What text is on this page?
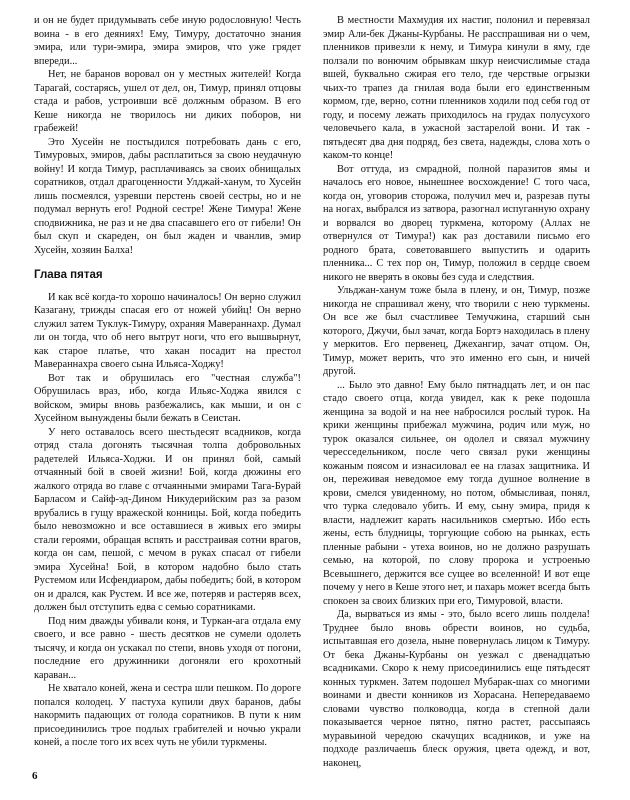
и он не будет придумывать себе иную родословную! Честь воина - в его деяниях! Ему, Тимуру, достаточно знания эмира, или тури-эмира, эмира эмиров, что уже грядет впереди...

Нет, не баранов воровал он у местных жителей! Когда Тарагай, состарясь, ушел от дел, он, Тимур, принял отцовы стада и рабов, устроивши всё должным образом. В его Кеше никогда не творилось ни диких поборов, ни грабежей!

Это Хусейн не постыдился потребовать дань с его, Тимуровых, эмиров, дабы расплатиться за свою неудачную войну! И когда Тимур, расплачиваясь за своих обнищалых соратников, отдал драгоценности Улджай-ханум, то Хусейн лишь посмеялся, узревши перстень своей сестры, но и не подумал вернуть его! Родной сестре! Жене Тимура! Жене сподвижника, не раз и не два спасавшего его от гибели! Он был скуп и скареден, он был жаден и чванлив, эмир Хусейн, хозяин Балха!

Глава пятая

И как всё когда-то хорошо начиналось! Он верно служил Казагану, трижды спасая его от ножей убийц! Он верно служил затем Туклук-Тимуру, охраняя Мавераннахр. Думал ли он тогда, что об него вытрут ноги, что его вышвырнут, как старое платье, что хакан посадит на престол Мавераннахра своего сына Ильяса-Ходжу!

Вот так и обрушилась его "честная служба"! Обрушилась враз, ибо, когда Ильяс-Ходжа явился с войском, эмиры вновь разбежались, как мыши, и он с Хусейном вынуждены были бежать в Сеистан.

У него оставалось всего шестьдесят всадников, когда отряд стала догонять тысячная толпа добровольных радетелей Ильяса-Ходжи. И он принял бой, самый отчаянный бой в своей жизни! Бой, когда дюжины его жалкого отряда во главе с отчаянными эмирами Тага-Бурай Барласом и Сайф-эд-Дином Никудерийским раз за разом врубались в гущу вражеской конницы. Бой, когда победить было невозможно и все оставшиеся в живых его эмиры стали героями, обращая вспять и расстраивая сотни врагов, когда он сам, пешой, с мечом в руках спасал от гибели эмира Хусейна! Бой, в котором надобно было стать Рустемом или Исфендиаром, дабы победить; бой, в котором он и дрался, как Рустем. И все же, потеряв и растеряв всех, должен был отступить едва с семью соратниками.

Под ним дважды убивали коня, и Туркан-ага отдала ему своего, и все равно - шесть десятков не сумели одолеть тысячу, и когда он ускакал по степи, вновь уходя от погони, последние его дружинники догоняли его крохотный караван...

Не хватало коней, жена и сестра шли пешком. По дороге попался колодец. У пастуха купили двух баранов, дабы накормить падающих от голода соратников. В пути к ним присоединились трое подлых грабителей и ночью украли коней, а после того их всех чуть не убили туркмены.

В местности Махмудия их настиг, полонил и перевязал эмир Али-бек Джаны-Курбаны. Не расспрашивая ни о чем, пленников привезли к нему, и Тимура кинули в яму, где ползали по вонючим обрывкам шкур неисчислимые стада вшей, буквально сжирая его тело, где черствые огрызки чьих-то трапез да гнилая вода были его единственным кормом, где, верно, сотни пленников ходили под себя год от году, и посему лежать приходилось на грудах полусухого человечьего кала, в ужасной застарелой вони. И так - пятьдесят два дня подряд, без света, надежды, слова хоть о каком-то конце!

Вот оттуда, из смрадной, полной паразитов ямы и началось его новое, нынешнее восхождение! С того часа, когда он, уговорив сторожа, получил меч и, разрезав путы на ногах, выбрался из затвора, разогнал испуганную охрану и ворвался во дворец туркмена, которому (Аллах не отвернулся от Тимура!) как раз доставили письмо его родного брата, советовавшего выпустить и одарить пленника... С тех пор он, Тимур, положил в сердце своем никого не вверять в оковы без суда и следствия.

Ульджан-ханум тоже была в плену, и он, Тимур, позже никогда не спрашивал жену, что творили с нею туркмены. Он все же был счастливее Темучжина, старший сын которого, Джучи, был зачат, когда Бортэ находилась в плену у меркитов. Его первенец, Джехангир, зачат отцом. Он, Тимур, может верить, что это именно его сын, и ничей другой.

... Было это давно! Ему было пятнадцать лет, и он пас стадо своего отца, когда увидел, как к реке подошла женщина за водой и на нее набросился рослый турок. На крики женщины прибежал мужчина, родич или муж, но турок оказался сильнее, он одолел и связал мужчину чересседельником, после чего связал руки женщины кожаным поясом и изнасиловал ее на глазах защитника. И он, переживая неведомое ему тогда душное волнение в крови, смелся увиденному, но потом, обмысливая, понял, что турка следовало убить. И ему, сыну эмира, придя к власти, надлежит карать насильников смертью. Ибо есть жены, есть блудницы, торгующие собою на рынках, есть пленные рабыни - утеха воинов, но не должно разрушать семью, на которой, по слову пророка и устроенью Всевышнего, держится все сущее во вселенной! И вот еще почему у него в Кеше этого нет, и пахарь может всегда быть спокоен за своих близких при его, Тимуровой, власти.

Да, вырваться из ямы - это, было всего лишь полдела! Труднее было вновь обрести воинов, но судьба, испытавшая его дозела, ныне повернулась лицом к Тимуру. От бека Джаны-Курбаны он уезжал с двенадцатью всадниками. Скоро к нему присоединились еще пятьдесят конных туркмен. Затем подошел Мубарак-шах со многими воинами и двести конников из Хорасана. Непередаваемо словами чувство полководца, когда в степной дали показывается черное пятно, пятно растет, рассыпаясь муравьиной чередою скачущих всадников, и уже на подходе различаешь блеск оружия, цвета одежд, и вот, наконец,

6
